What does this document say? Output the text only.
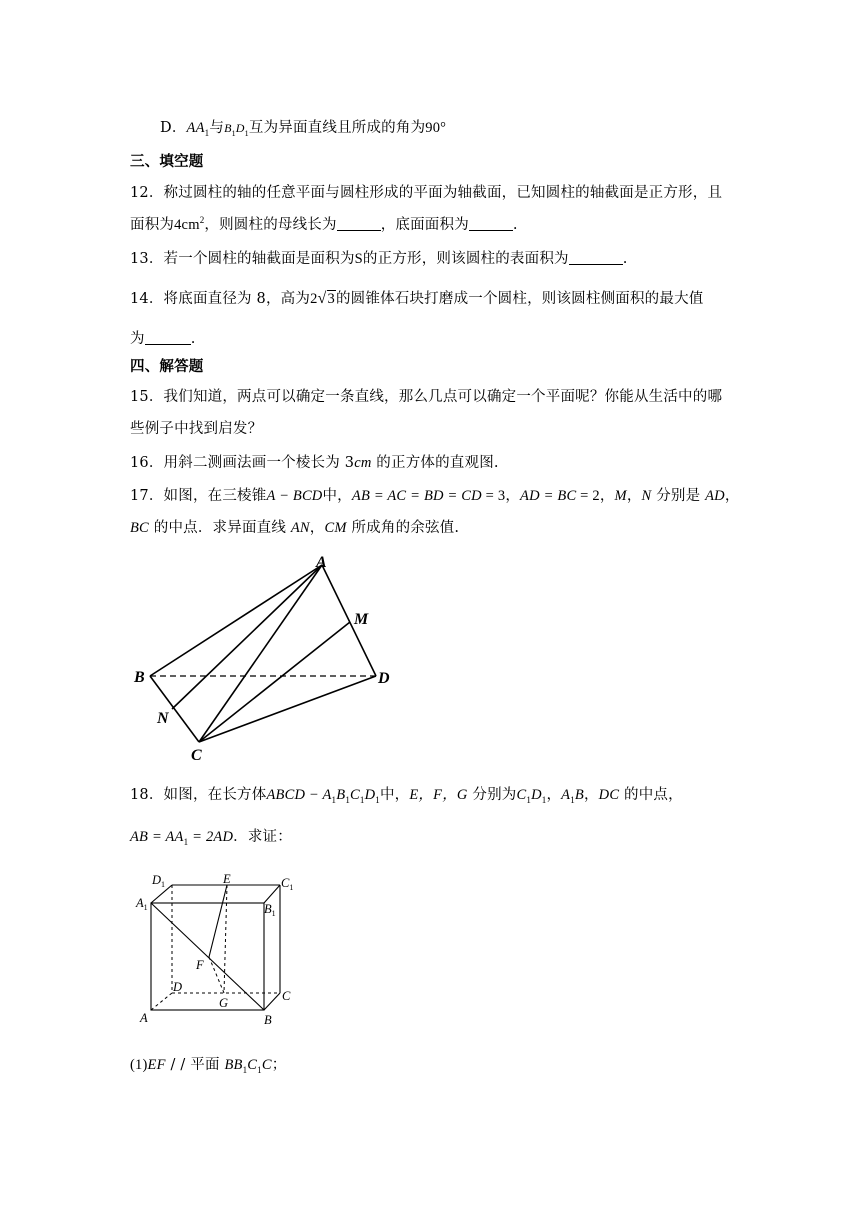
D．$AA_1$与$B_1D_1$互为异面直线且所成的角为90°
三、填空题
12．称过圆柱的轴的任意平面与圆柱形成的平面为轴截面，已知圆柱的轴截面是正方形，且
面积为$4cm^2$，则圆柱的母线长为	，底面面积为	.
13．若一个圆柱的轴截面是面积为S的正方形，则该圆柱的表面积为	.
14．将底面直径为 8，高为2√3的圆锥体石块打磨成一个圆柱，则该圆柱侧面积的最大值
为	.
四、解答题
15．我们知道，两点可以确定一条直线，那么几点可以确定一个平面呢？你能从生活中的哪
些例子中找到启发？
16．用斜二测画法画一个棱长为 3cm 的正方体的直观图.
17．如图，在三棱锥A − BCD中，AB = AC = BD = CD = 3，AD = BC = 2，M，N 分别是 AD，
BC 的中点．求异面直线 AN，CM 所成角的余弦值.
A
B
C
D
M
N
$D_1$	E	$C_1$
$A_1$	$B_1$
F
D
C
A
G
B
18．如图，在长方体ABCD − $A_1B_1C_1D_1$中，E，F，G 分别为$C_1D_1$，$A_1B$，DC 的中点，
AB = $AA_1 = 2AD$．求证：
(1)EF / / 平面 $BB_1C_1C$；
